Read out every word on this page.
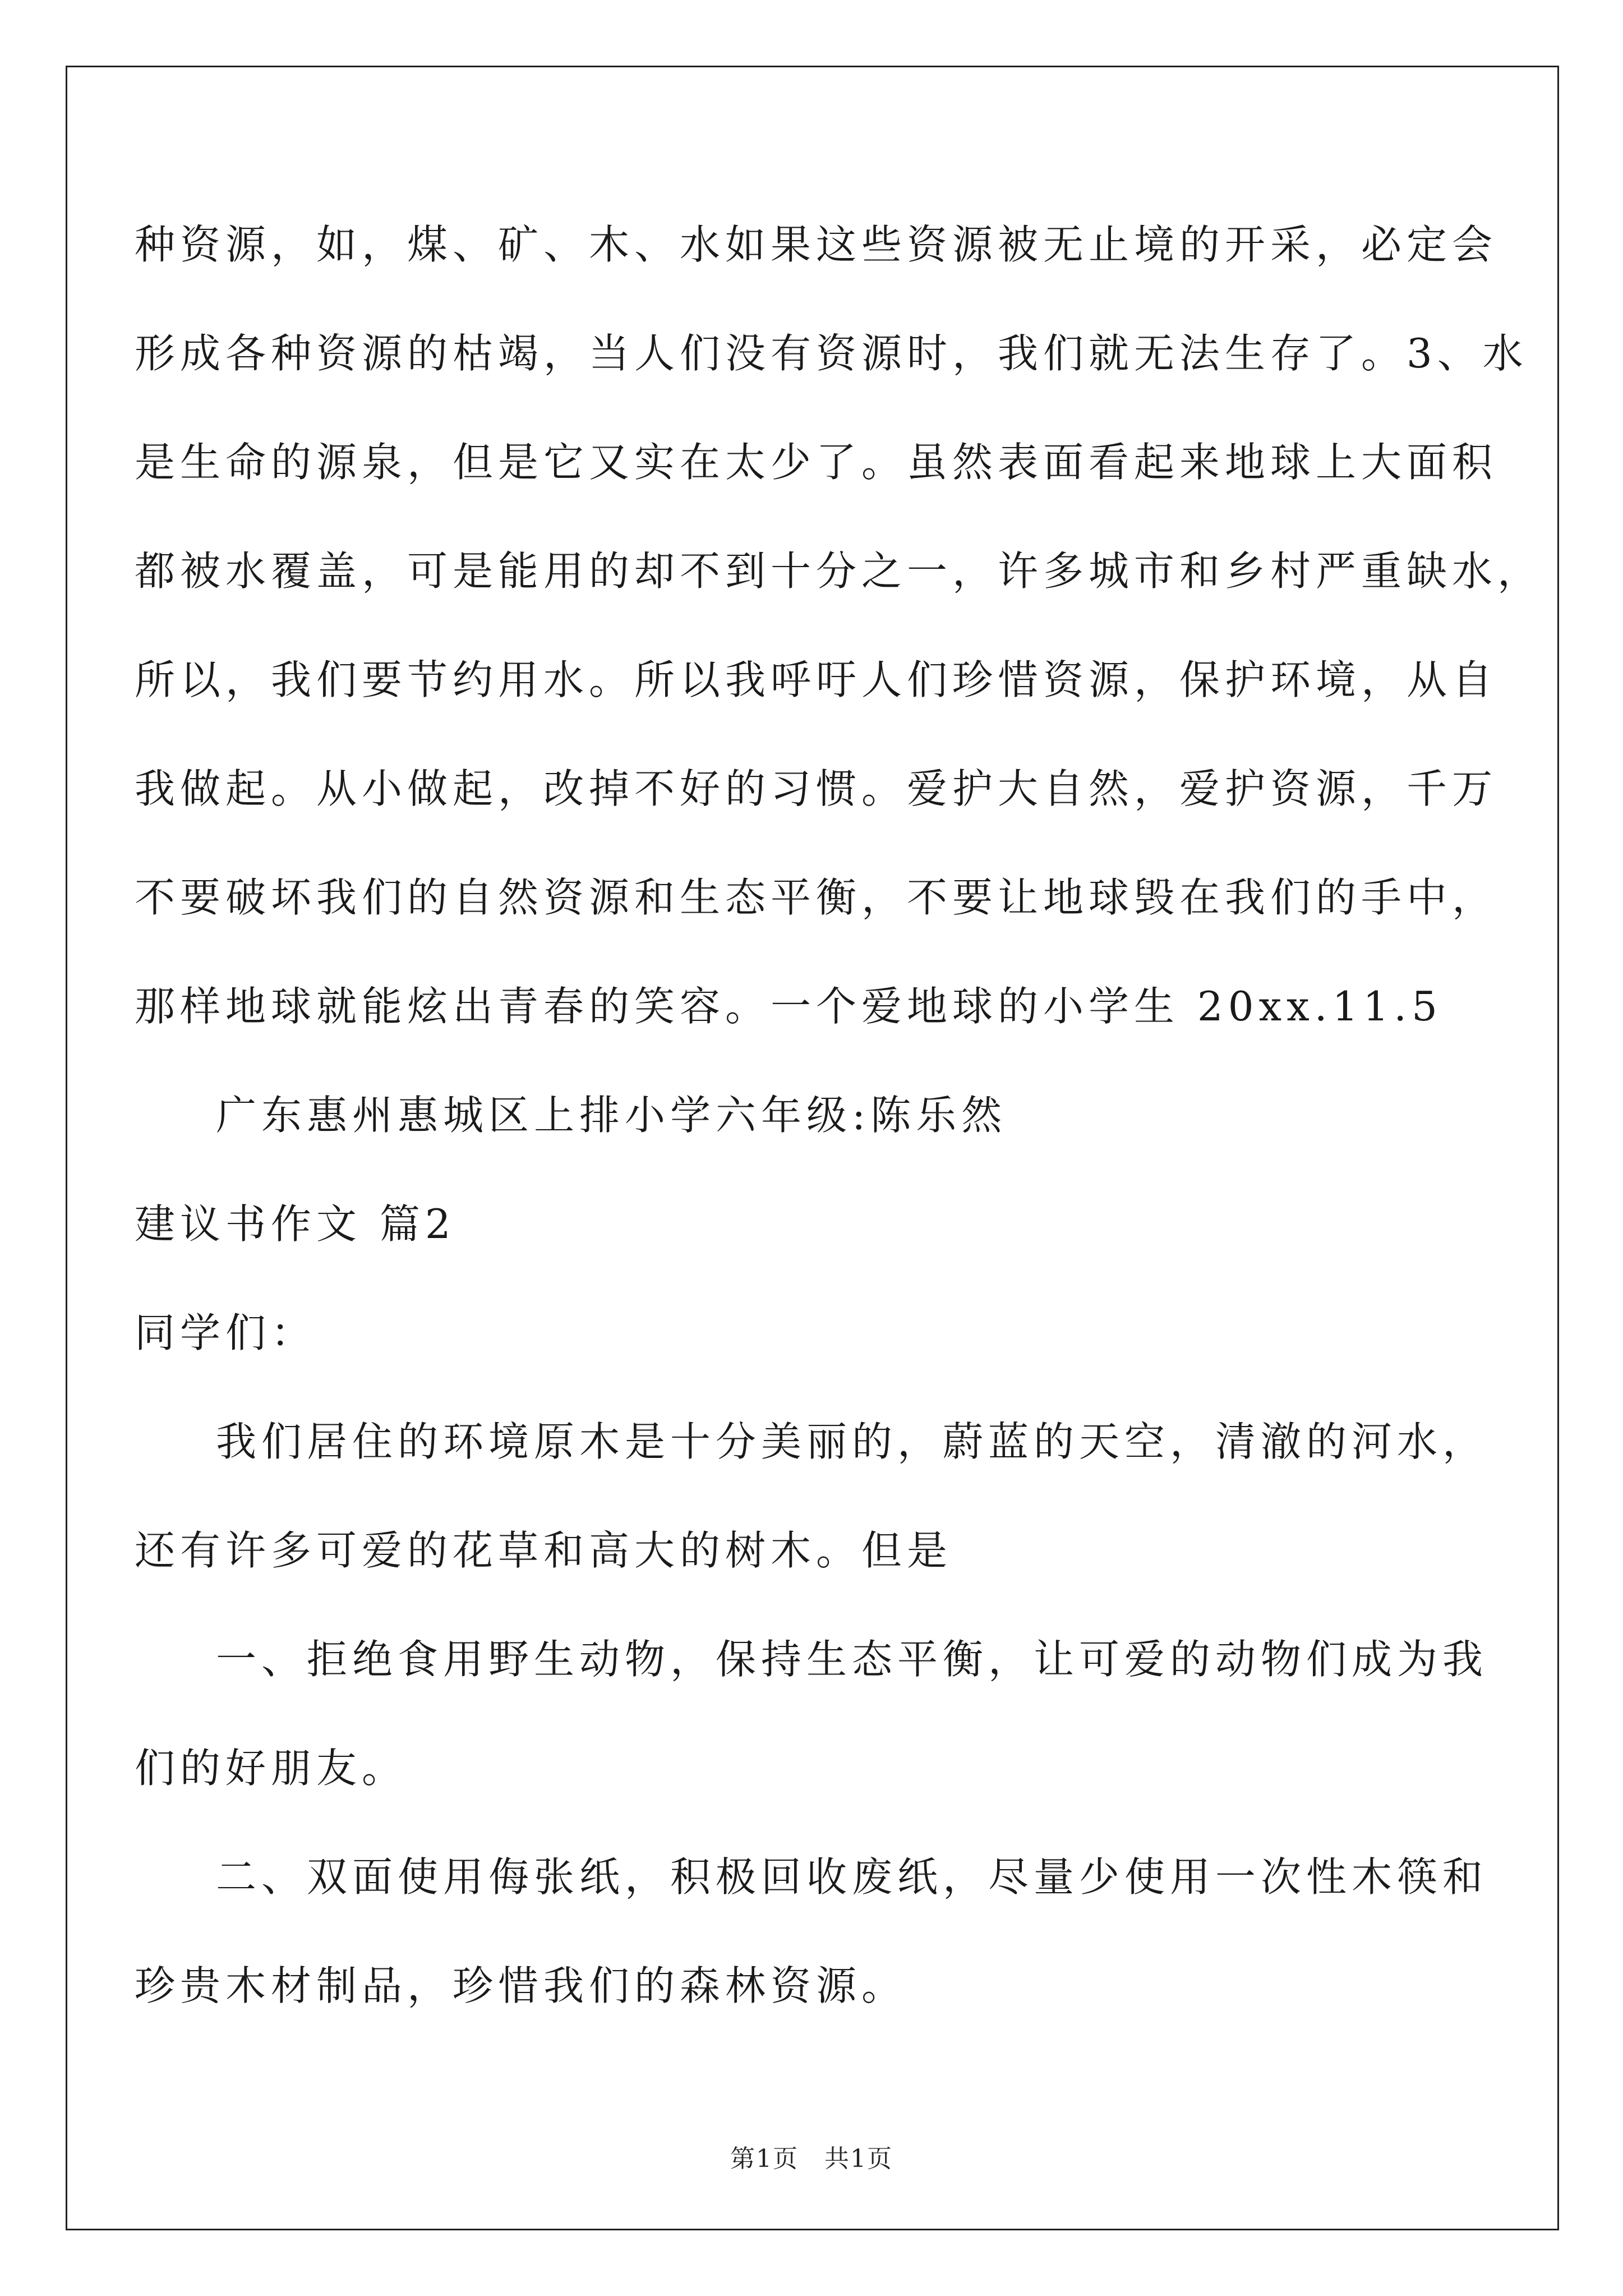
种资源，如，煤、矿、木、水如果这些资源被无止境的开采，必定会
形成各种资源的枯竭，当人们没有资源时，我们就无法生存了。3、水
是生命的源泉，但是它又实在太少了。虽然表面看起来地球上大面积
都被水覆盖，可是能用的却不到十分之一，许多城市和乡村严重缺水，
所以，我们要节约用水。所以我呼吁人们珍惜资源，保护环境，从自
我做起。从小做起，改掉不好的习惯。爱护大自然，爱护资源，千万
不要破坏我们的自然资源和生态平衡，不要让地球毁在我们的手中，
那样地球就能炫出青春的笑容。一个爱地球的小学生 20xx.11.5
广东惠州惠城区上排小学六年级:陈乐然
建议书作文 篇2
同学们：
我们居住的环境原木是十分美丽的，蔚蓝的天空，清澈的河水，
还有许多可爱的花草和高大的树木。但是
一、拒绝食用野生动物，保持生态平衡，让可爱的动物们成为我
们的好朋友。
二、双面使用侮张纸，积极回收废纸，尽量少使用一次性木筷和
珍贵木材制品，珍惜我们的森林资源。
第1页　共1页
